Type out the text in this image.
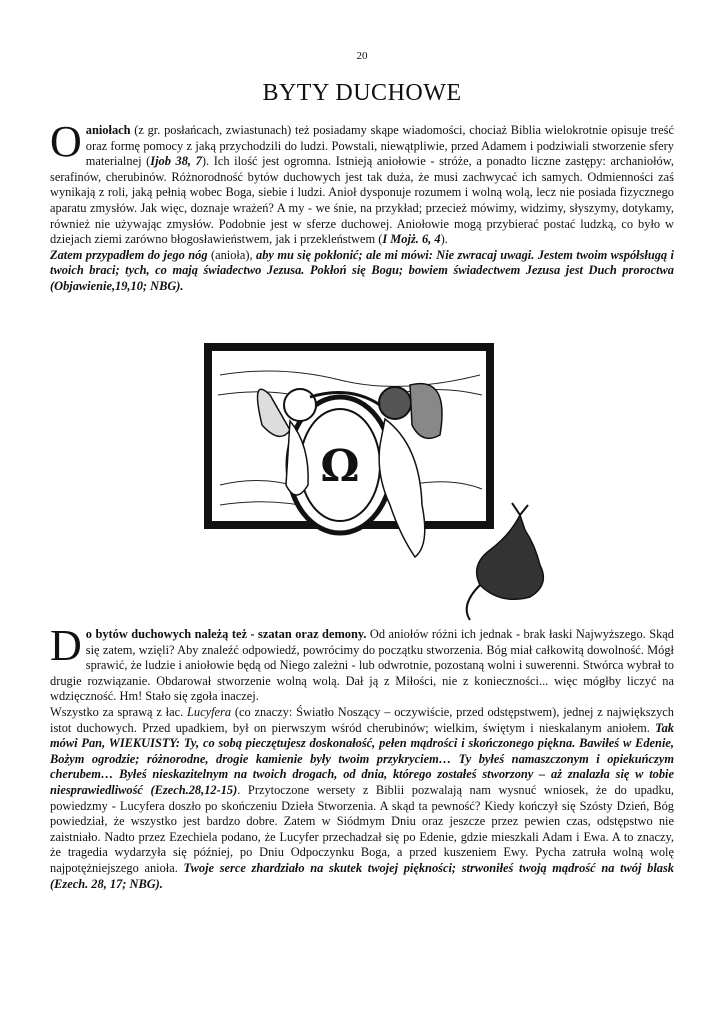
20
BYTY DUCHOWE
Oaniołach (z gr. posłańcach, zwiastunach) też posiadamy skąpe wiadomości, chociaż Biblia wielokrotnie opisuje treść oraz formę pomocy z jaką przychodzili do ludzi. Powstali, niewątpliwie, przed Adamem i podziwiali stworzenie sfery materialnej (Ijob 38, 7). Ich ilość jest ogromna. Istnieją aniołowie - stróże, a ponadto liczne zastępy: archaniołów, serafinów, cherubinów. Różnorodność bytów duchowych jest tak duża, że musi zachwycać ich samych. Odmienności zaś wynikają z roli, jaką pełnią wobec Boga, siebie i ludzi. Anioł dysponuje rozumem i wolną wolą, lecz nie posiada fizycznego aparatu zmysłów. Jak więc, doznaje wrażeń? A my - we śnie, na przykład; przecież mówimy, widzimy, słyszymy, dotykamy, również nie używając zmysłów. Podobnie jest w sferze duchowej. Aniołowie mogą przybierać postać ludzką, co było w dziejach ziemi zarówno błogosławieństwem, jak i przekleństwem (I Mojż. 6, 4).
Zatem przypadłem do jego nóg (anioła), aby mu się pokłonić; ale mi mówi: Nie zwracaj uwagi. Jestem twoim współsługą i twoich braci; tych, co mają świadectwo Jezusa. Pokłoń się Bogu; bowiem świadectwem Jezusa jest Duch proroctwa (Objawienie,19,10; NBG).
Ω
Do bytów duchowych należą też - szatan oraz demony. Od aniołów różni ich jednak - brak łaski Najwyższego. Skąd się zatem, wzięli? Aby znaleźć odpowiedź, powrócimy do początku stworzenia. Bóg miał całkowitą dowolność. Mógł sprawić, że ludzie i aniołowie będą od Niego zależni - lub odwrotnie, pozostaną wolni i suwerenni. Stwórca wybrał to drugie rozwiązanie. Obdarował stworzenie wolną wolą. Dał ją z Miłości, nie z konieczności... więc mógłby liczyć na wdzięczność. Hm! Stało się zgoła inaczej.
Wszystko za sprawą z łac. Lucyfera (co znaczy: Światło Noszący – oczywiście, przed odstępstwem), jednej z największych istot duchowych. Przed upadkiem, był on pierwszym wśród cherubinów; wielkim, świętym i nieskalanym aniołem. Tak mówi Pan, WIEKUISTY: Ty, co sobą pieczętujesz doskonałość, pełen mądrości i skończonego piękna. Bawiłeś w Edenie, Bożym ogrodzie; różnorodne, drogie kamienie były twoim przykryciem… Ty byłeś namaszczonym i opiekuńczym cherubem… Byłeś nieskazitelnym na twoich drogach, od dnia, którego zostałeś stworzony – aż znalazła się w tobie niesprawiedliwość (Ezech.28,12-15). Przytoczone wersety z Biblii pozwalają nam wysnuć wniosek, że do upadku, powiedzmy - Lucyfera doszło po skończeniu Dzieła Stworzenia. A skąd ta pewność? Kiedy kończył się Szósty Dzień, Bóg powiedział, że wszystko jest bardzo dobre. Zatem w Siódmym Dniu oraz jeszcze przez pewien czas, odstępstwo nie zaistniało. Nadto przez Ezechiela podano, że Lucyfer przechadzał się po Edenie, gdzie mieszkali Adam i Ewa. A to znaczy, że tragedia wydarzyła się później, po Dniu Odpoczynku Boga, a przed kuszeniem Ewy. Pycha zatruła wolną wolę najpotężniejszego anioła. Twoje serce zhardziało na skutek twojej piękności; strwoniłeś twoją mądrość na twój blask (Ezech. 28, 17; NBG).
